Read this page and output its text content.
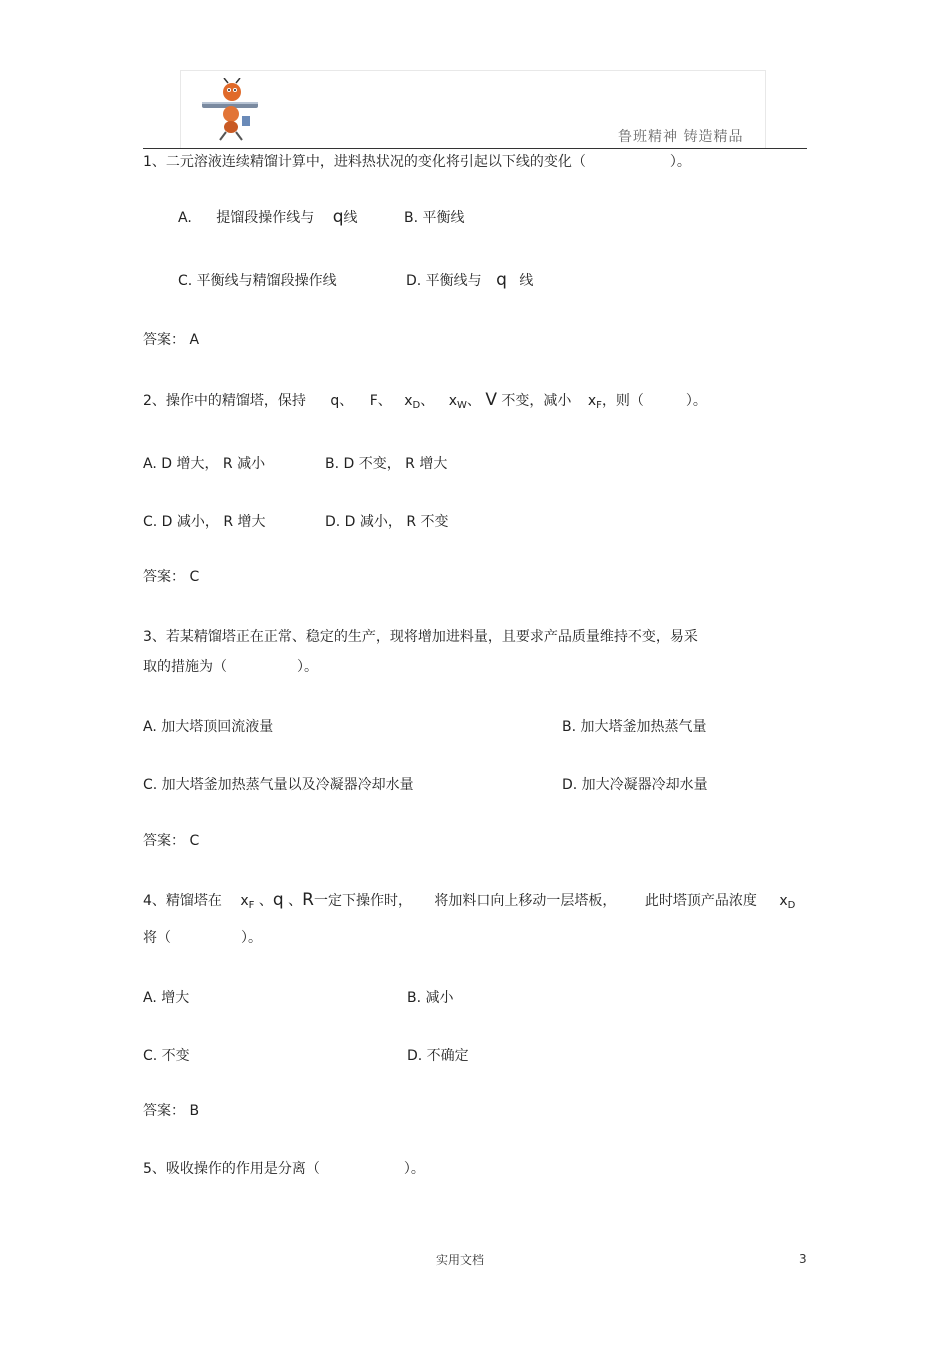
鲁班精神 铸造精品
1、二元溶液连续精馏计算中，进料热状况的变化将引起以下线的变化（　　　　　　）。
A. 提馏段操作线与 q线	B. 平衡线
C. 平衡线与精馏段操作线	D. 平衡线与 q 线
答案： A
2、操作中的精馏塔，保持 q、 F、 $x_D$、 $x_W$、 V 不变，减小 $x_F$，则（　　　）。
A. D 增大， R 减小	B. D 不变， R 增大
C. D 减小， R 增大	D. D 减小， R 不变
答案： C
3、若某精馏塔正在正常、稳定的生产，现将增加进料量，且要求产品质量维持不变，易采
取的措施为（　　　　　）。
A. 加大塔顶回流液量	B. 加大塔釜加热蒸气量
C. 加大塔釜加热蒸气量以及冷凝器冷却水量	D. 加大冷凝器冷却水量
答案： C
4、精馏塔在 $x_F$ 、q 、R一定下操作时， 将加料口向上移动一层塔板， 此时塔顶产品浓度 $x_D$
将（　　　　　）。
A. 增大	B. 减小
C. 不变	D. 不确定
答案： B
5、吸收操作的作用是分离（　　　　　　）。
实用文档	3
